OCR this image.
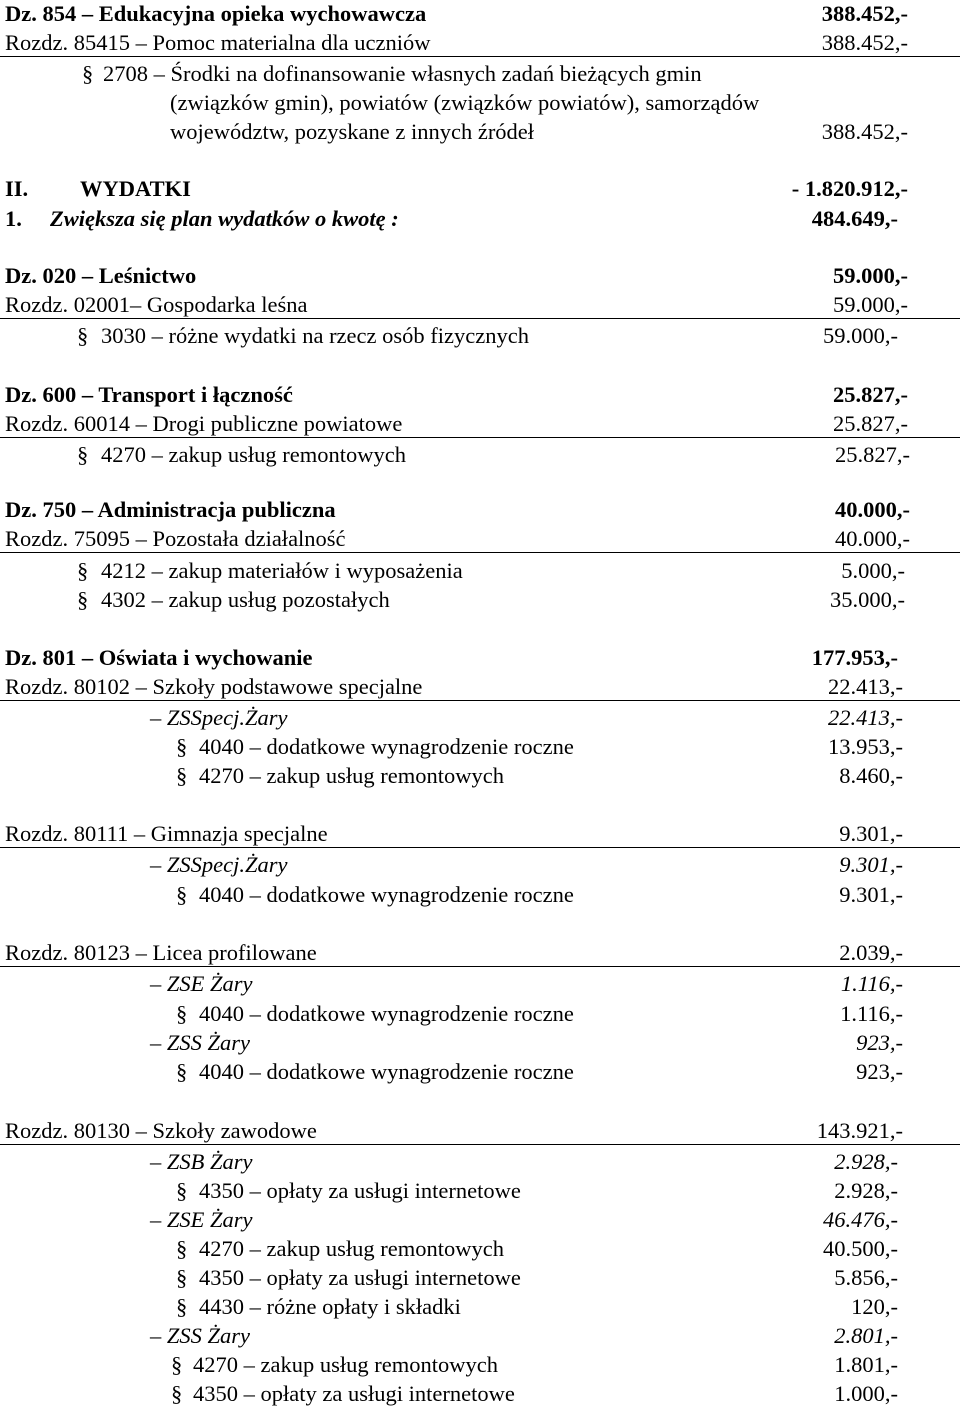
Dz. 854 – Edukacyjna opieka wychowawcza	388.452,-
Rozdz. 85415 – Pomoc materialna dla uczniów	388.452,-
§ 2708 – Środki na dofinansowanie własnych zadań bieżących gmin
(związków gmin), powiatów (związków powiatów), samorządów
województw, pozyskane z innych źródeł	388.452,-
II. WYDATKI	- 1.820.912,-
1. Zwiększa się plan wydatków o kwotę :	484.649,-
Dz. 020 – Leśnictwo	59.000,-
Rozdz. 02001– Gospodarka leśna	59.000,-
§ 3030 – różne wydatki na rzecz osób fizycznych	59.000,-
Dz. 600 – Transport i łączność	25.827,-
Rozdz. 60014 – Drogi publiczne powiatowe	25.827,-
§ 4270 – zakup usług remontowych	25.827,-
Dz. 750 – Administracja publiczna	40.000,-
Rozdz. 75095 – Pozostała działalność	40.000,-
§ 4212 – zakup materiałów i wyposażenia	5.000,-
§ 4302 – zakup usług pozostałych	35.000,-
Dz. 801 – Oświata i wychowanie	177.953,-
Rozdz. 80102 – Szkoły podstawowe specjalne	22.413,-
– ZSSpecj.Żary	22.413,-
§ 4040 – dodatkowe wynagrodzenie roczne	13.953,-
§ 4270 – zakup usług remontowych	8.460,-
Rozdz. 80111 – Gimnazja specjalne	9.301,-
– ZSSpecj.Żary	9.301,-
§ 4040 – dodatkowe wynagrodzenie roczne	9.301,-
Rozdz. 80123 – Licea profilowane	2.039,-
– ZSE Żary	1.116,-
§ 4040 – dodatkowe wynagrodzenie roczne	1.116,-
– ZSS Żary	923,-
§ 4040 – dodatkowe wynagrodzenie roczne	923,-
Rozdz. 80130 – Szkoły zawodowe	143.921,-
– ZSB Żary	2.928,-
§ 4350 – opłaty za usługi internetowe	2.928,-
– ZSE Żary	46.476,-
§ 4270 – zakup usług remontowych	40.500,-
§ 4350 – opłaty za usługi internetowe	5.856,-
§ 4430 – różne opłaty i składki	120,-
– ZSS Żary	2.801,-
§ 4270 – zakup usług remontowych	1.801,-
§ 4350 – opłaty za usługi internetowe	1.000,-
